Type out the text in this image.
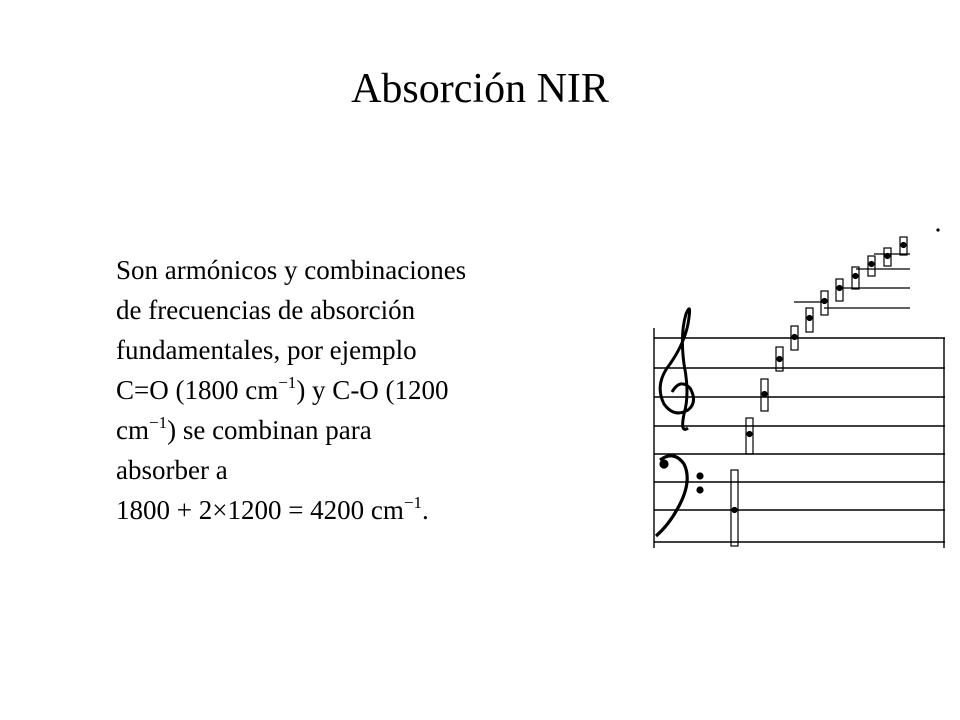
Absorción NIR
Son armónicos y combinaciones
de frecuencias de absorción
fundamentales, por ejemplo
C=O (1800 $cm^{-1}$) y C-O (1200
$cm^{-1}$) se combinan para
absorber a
1800 + 2×1200 = 4200 $cm^{-1}$.
